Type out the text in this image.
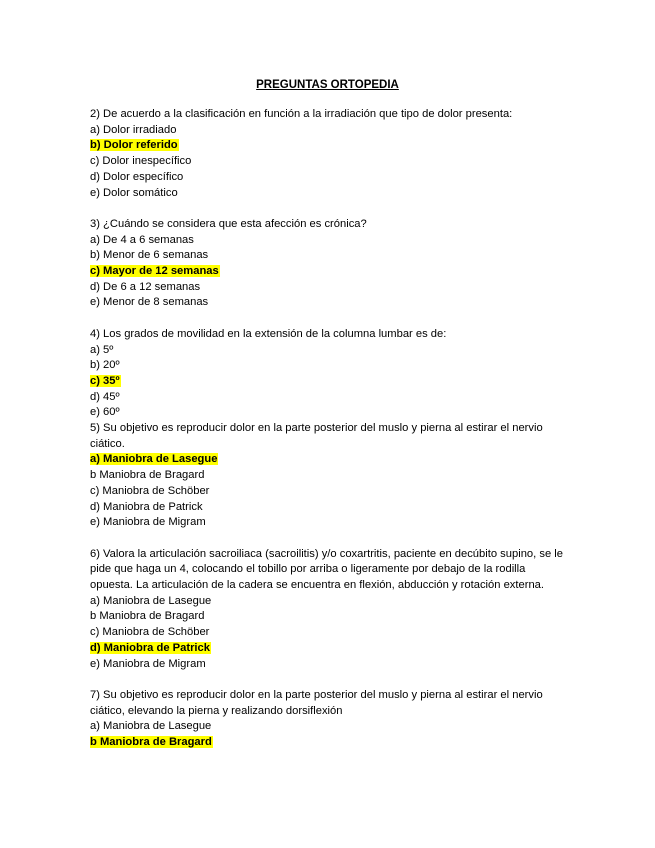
PREGUNTAS ORTOPEDIA

2) De acuerdo a la clasificación en función a la irradiación que tipo de dolor presenta:

a) Dolor irradiado

b) Dolor referido

c) Dolor inespecífico

d) Dolor específico

e) Dolor somático

3) ¿Cuándo se considera que esta afección es crónica?

a) De 4 a 6 semanas

b) Menor de 6 semanas

c) Mayor de 12 semanas

d) De 6 a 12 semanas

e) Menor de 8 semanas

4) Los grados de movilidad en la extensión de la columna lumbar es de:

a) 5º

b) 20º

c) 35º

d) 45º

e) 60º

5) Su objetivo es reproducir dolor en la parte posterior del muslo y pierna al estirar el nervio ciático.

a) Maniobra de Lasegue

b Maniobra de Bragard

c) Maniobra de Schöber

d) Maniobra de Patrick

e) Maniobra de Migram

6) Valora la articulación sacroiliaca (sacroilitis) y/o coxartritis, paciente en decúbito supino, se le pide que haga un 4, colocando el tobillo por arriba o ligeramente por debajo de la rodilla opuesta. La articulación de la cadera se encuentra en flexión, abducción y rotación externa.

a) Maniobra de Lasegue

b Maniobra de Bragard

c) Maniobra de Schöber

d) Maniobra de Patrick

e) Maniobra de Migram

7) Su objetivo es reproducir dolor en la parte posterior del muslo y pierna al estirar el nervio ciático, elevando la pierna y realizando dorsiflexión

a) Maniobra de Lasegue

b Maniobra de Bragard
